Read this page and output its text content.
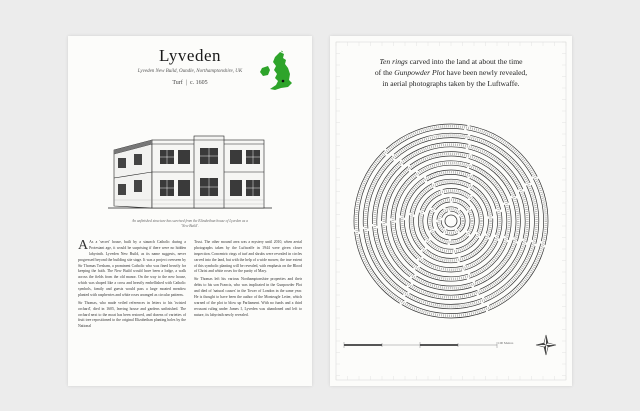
Lyveden
Lyveden New Build, Oundle, Northamptonshire, UK
Turf  |  c. 1605
An unfinished structure has survived from the Elizabethan house of Lyveden as a 'New Build'.

A As a 'secret' house, built by a staunch Catholic during a Protestant age, it would be surprising if there were no hidden labyrinth. Lyveden New Build, as its name suggests, never progressed beyond the building site stage. It was a project overseen by Sir Thomas Tresham, a prominent Catholic who was fined heavily for keeping the faith. The New Build would have been a lodge, a walk across the fields from the old manor. On the way to the new house, which was shaped like a cross and heavily embellished with Catholic symbols, family and guests would pass a large moated meadow planted with raspberries and white roses arranged as circular patterns.

Sir Thomas, who made veiled references in letters to his 'twisted orchard', died in 1605, leaving house and gardens unfinished. The orchard next to the moat has been restored, and dozens of varieties of fruit tree repositioned to the original Elizabethan planting holes by the National

Trust. The other mound area was a mystery until 2010, when aerial photographs taken by the Luftwaffe in 1944 were given closer inspection. Concentric rings of turf and shrubs were revealed in circles carved into the land, but with the help of a wide mower, the true extent of this symbolic planting will be revealed, with emphasis on the Blood of Christ and white roses for the purity of Mary.

Sir Thomas left his various Northamptonshire properties and their debts to his son Francis, who was implicated in the Gunpowder Plot and died of 'natural causes' in the Tower of London in the same year. He is thought to have been the author of the Monteagle Letter, which warned of the plot to blow up Parliament. With no funds and a third recusant ruling under James I, Lyveden was abandoned and left to nature, its labyrinth newly revealed.

Ten rings carved into the land at about the time
of the Gunpowder Plot have been newly revealed,
in aerial photographs taken by the Luftwaffe.
100 Metres
